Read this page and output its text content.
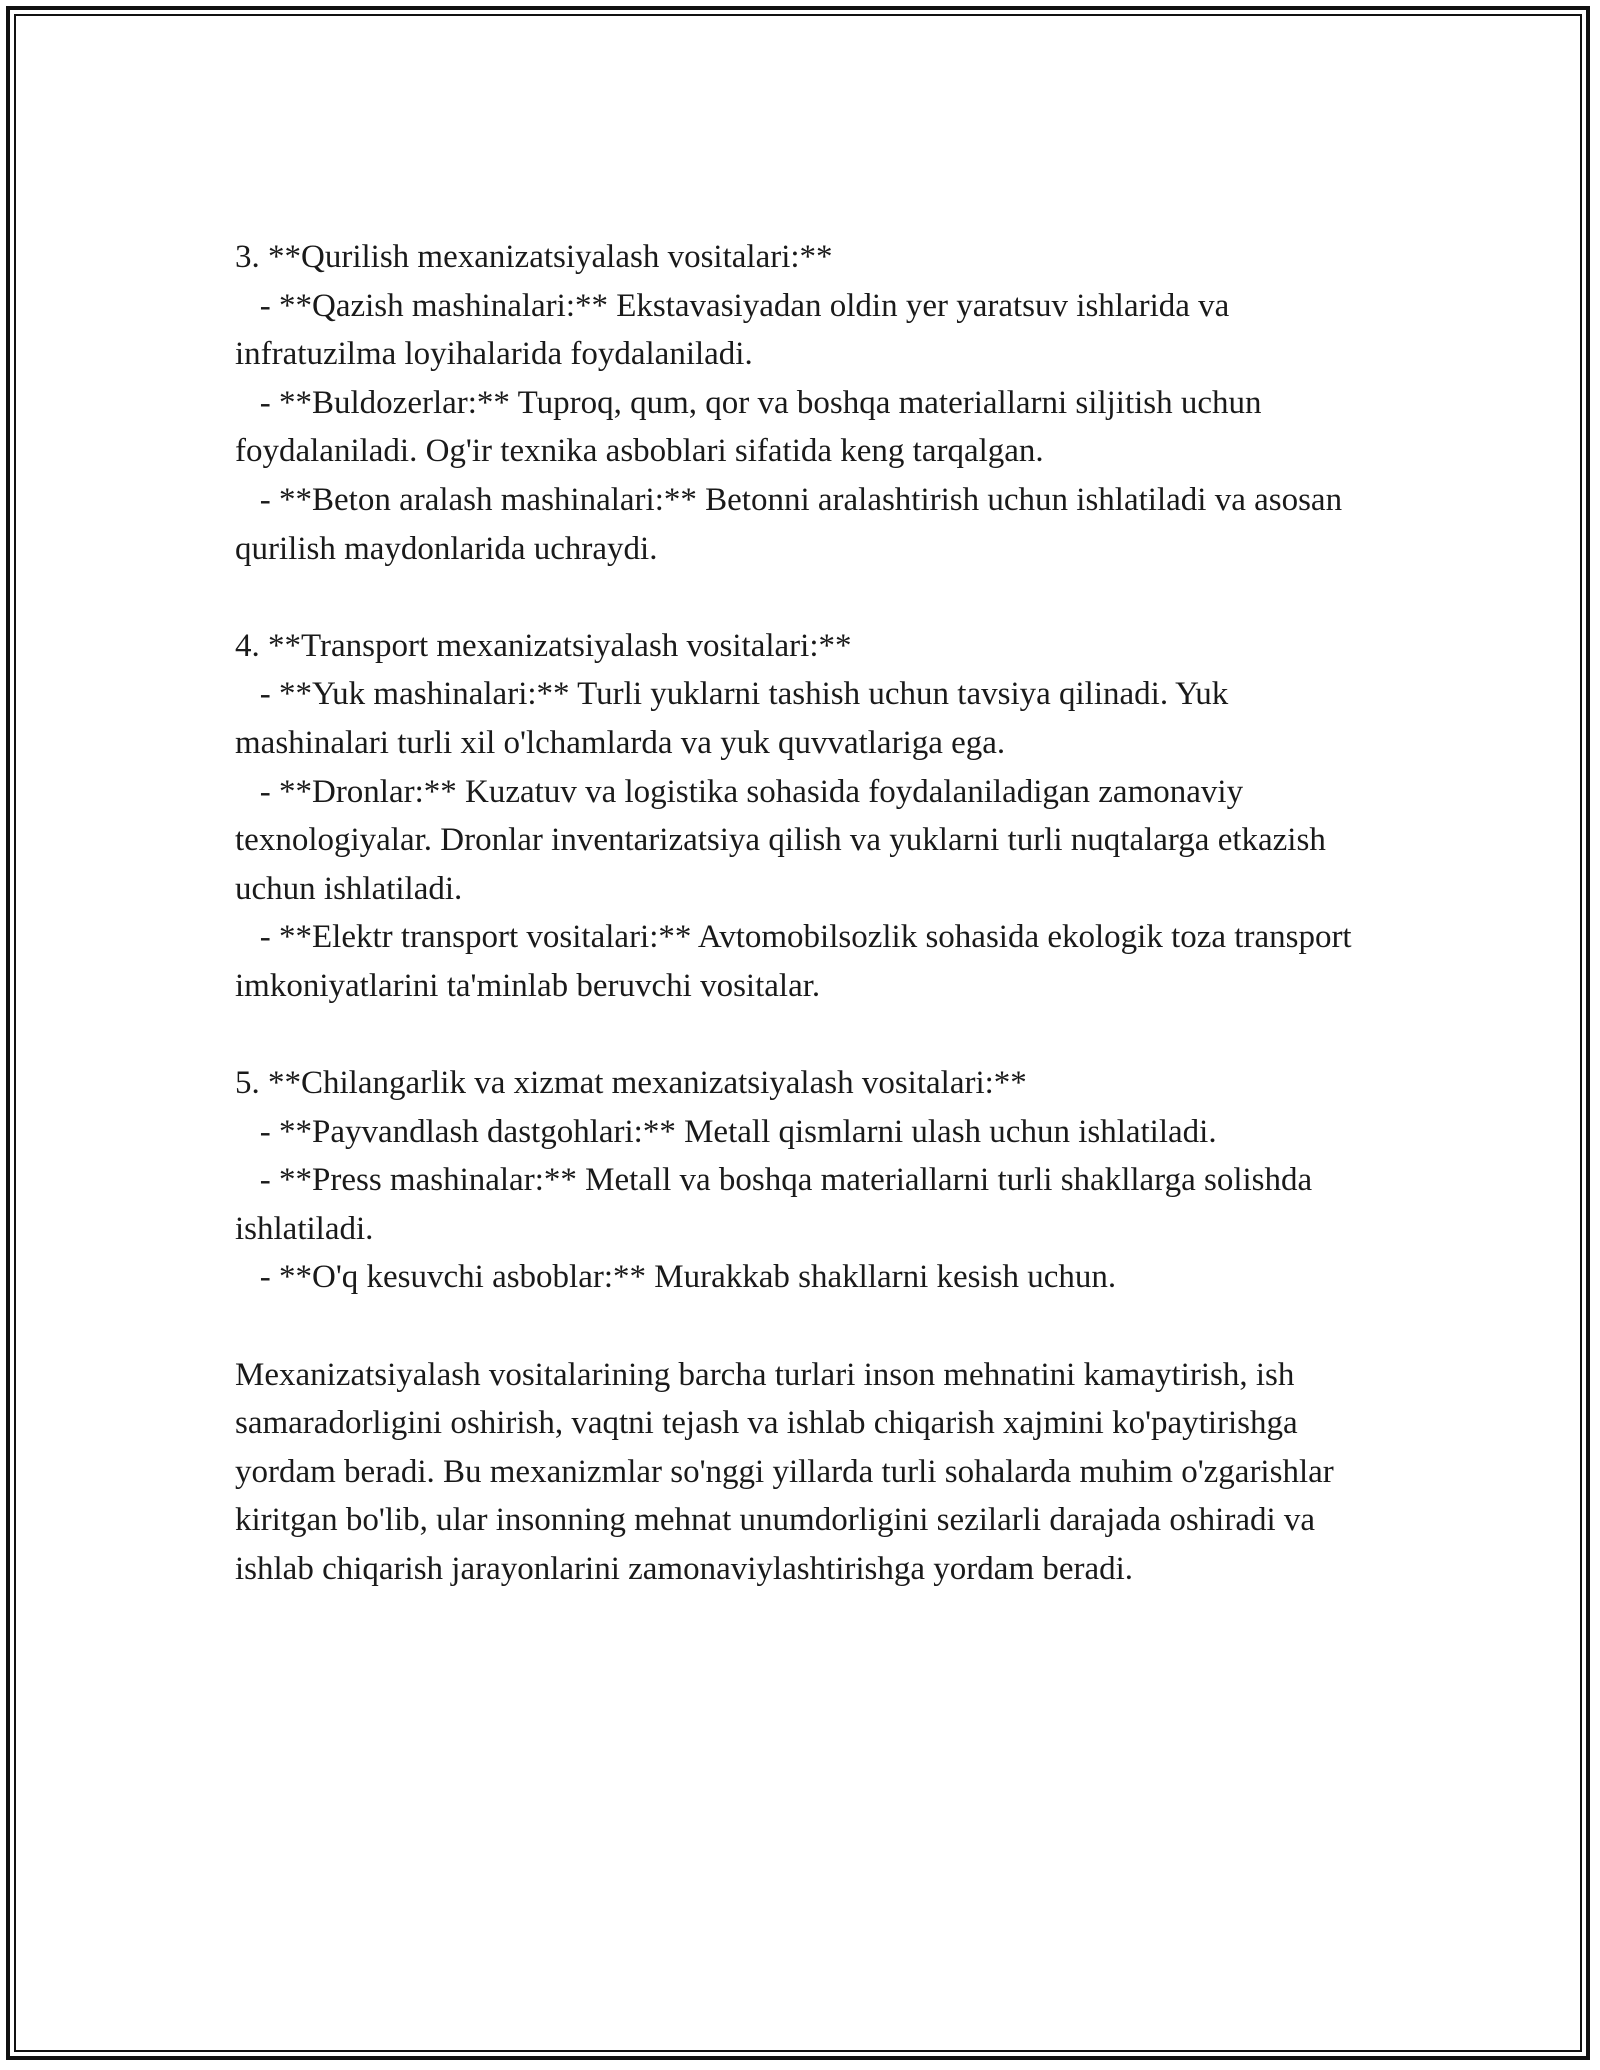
3. **Qurilish mexanizatsiyalash vositalari:**
- **Qazish mashinalari:** Ekstavasiyadan oldin yer yaratsuv ishlarida va infratuzilma loyihalarida foydalaniladi.
- **Buldozerlar:** Tuproq, qum, qor va boshqa materiallarni siljitish uchun foydalaniladi. Og'ir texnika asboblari sifatida keng tarqalgan.
- **Beton aralash mashinalari:** Betonni aralashtirish uchun ishlatiladi va asosan qurilish maydonlarida uchraydi.
4. **Transport mexanizatsiyalash vositalari:**
- **Yuk mashinalari:** Turli yuklarni tashish uchun tavsiya qilinadi. Yuk mashinalari turli xil o'lchamlarda va yuk quvvatlariga ega.
- **Dronlar:** Kuzatuv va logistika sohasida foydalaniladigan zamonaviy texnologiyalar. Dronlar inventarizatsiya qilish va yuklarni turli nuqtalarga etkazish uchun ishlatiladi.
- **Elektr transport vositalari:** Avtomobilsozlik sohasida ekologik toza transport imkoniyatlarini ta'minlab beruvchi vositalar.
5. **Chilangarlik va xizmat mexanizatsiyalash vositalari:**
- **Payvandlash dastgohlari:** Metall qismlarni ulash uchun ishlatiladi.
- **Press mashinalar:** Metall va boshqa materiallarni turli shakllarga solishda ishlatiladi.
- **O'q kesuvchi asboblar:** Murakkab shakllarni kesish uchun.

Mexanizatsiyalash vositalarining barcha turlari inson mehnatini kamaytirish, ish samaradorligini oshirish, vaqtni tejash va ishlab chiqarish xajmini ko'paytirishga yordam beradi. Bu mexanizmlar so'nggi yillarda turli sohalarda muhim o'zgarishlar kiritgan bo'lib, ular insonning mehnat unumdorligini sezilarli darajada oshiradi va ishlab chiqarish jarayonlarini zamonaviylashtirishga yordam beradi.
